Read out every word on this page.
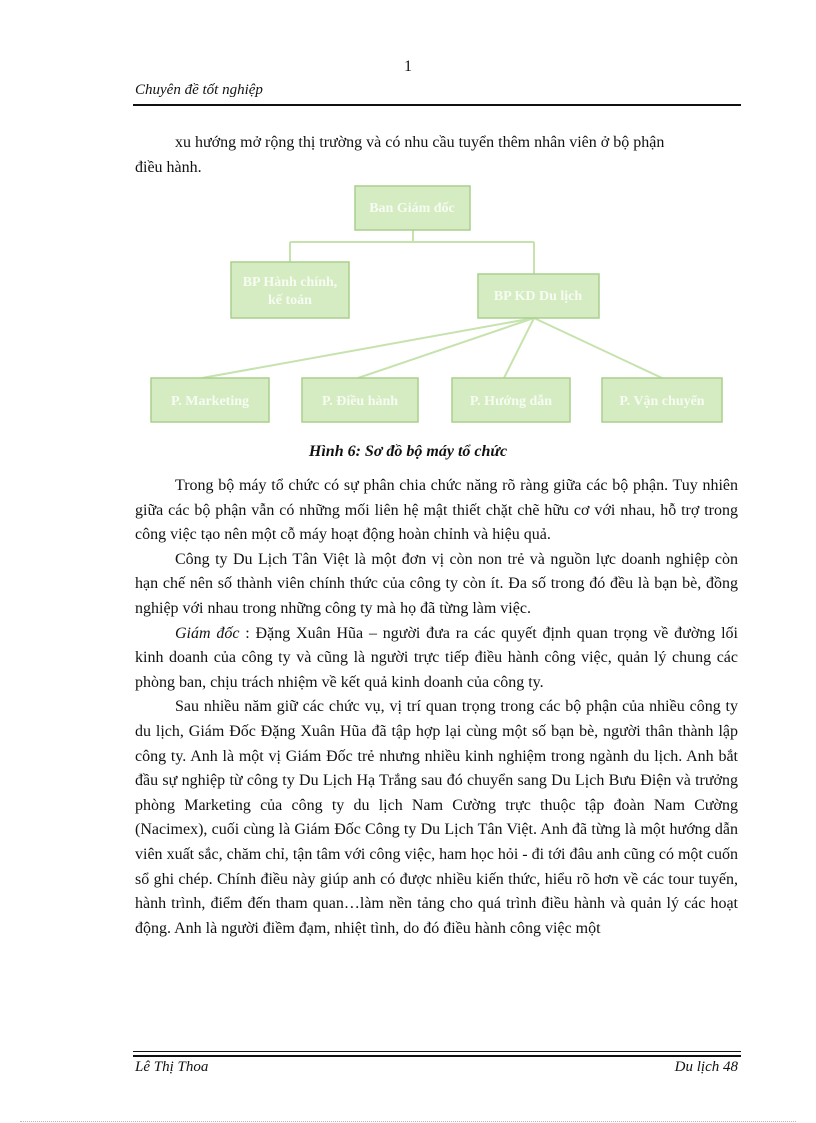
1
Chuyên đề tốt nghiệp

xu hướng mở rộng thị trường và có nhu cầu tuyển thêm nhân viên ở bộ phận

điều hành.

Ban Giám đốc
BP Hành chính,
kế toán	BP KD Du lịch
P. Marketing	P. Điều hành	P. Hướng dẫn	P. Vận chuyển
Hình 6: Sơ đồ bộ máy tổ chức

Trong bộ máy tổ chức có sự phân chia chức năng rõ ràng giữa các bộ phận. Tuy nhiên giữa các bộ phận vẫn có những mối liên hệ mật thiết chặt chẽ hữu cơ với nhau, hỗ trợ trong công việc tạo nên một cỗ máy hoạt động hoàn chỉnh và hiệu quả.

Công ty Du Lịch Tân Việt là một đơn vị còn non trẻ và nguồn lực doanh nghiệp còn hạn chế nên số thành viên chính thức của công ty còn ít. Đa số trong đó đều là bạn bè, đồng nghiệp với nhau trong những công ty mà họ đã từng làm việc.

Giám đốc : Đặng Xuân Hũa – người đưa ra các quyết định quan trọng về đường lối kinh doanh của công ty và cũng là người trực tiếp điều hành công việc, quản lý chung các phòng ban, chịu trách nhiệm về kết quả kinh doanh của công ty.

Sau nhiều năm giữ các chức vụ, vị trí quan trọng trong các bộ phận của nhiều công ty du lịch, Giám Đốc Đặng Xuân Hũa đã tập hợp lại cùng một số bạn bè, người thân thành lập công ty. Anh là một vị Giám Đốc trẻ nhưng nhiều kinh nghiệm trong ngành du lịch. Anh bắt đầu sự nghiệp từ công ty Du Lịch Hạ Trắng sau đó chuyển sang Du Lịch Bưu Điện và trưởng phòng Marketing của công ty du lịch Nam Cường trực thuộc tập đoàn Nam Cường (Nacimex), cuối cùng là Giám Đốc Công ty Du Lịch Tân Việt. Anh đã từng là một hướng dẫn viên xuất sắc, chăm chỉ, tận tâm với công việc, ham học hỏi - đi tới đâu anh cũng có một cuốn sổ ghi chép. Chính điều này giúp anh có được nhiều kiến thức, hiểu rõ hơn về các tour tuyến, hành trình, điểm đến tham quan…làm nền tảng cho quá trình điều hành và quản lý các hoạt động. Anh là người điềm đạm, nhiệt tình, do đó điều hành công việc một

Lê Thị Thoa	Du lịch 48
